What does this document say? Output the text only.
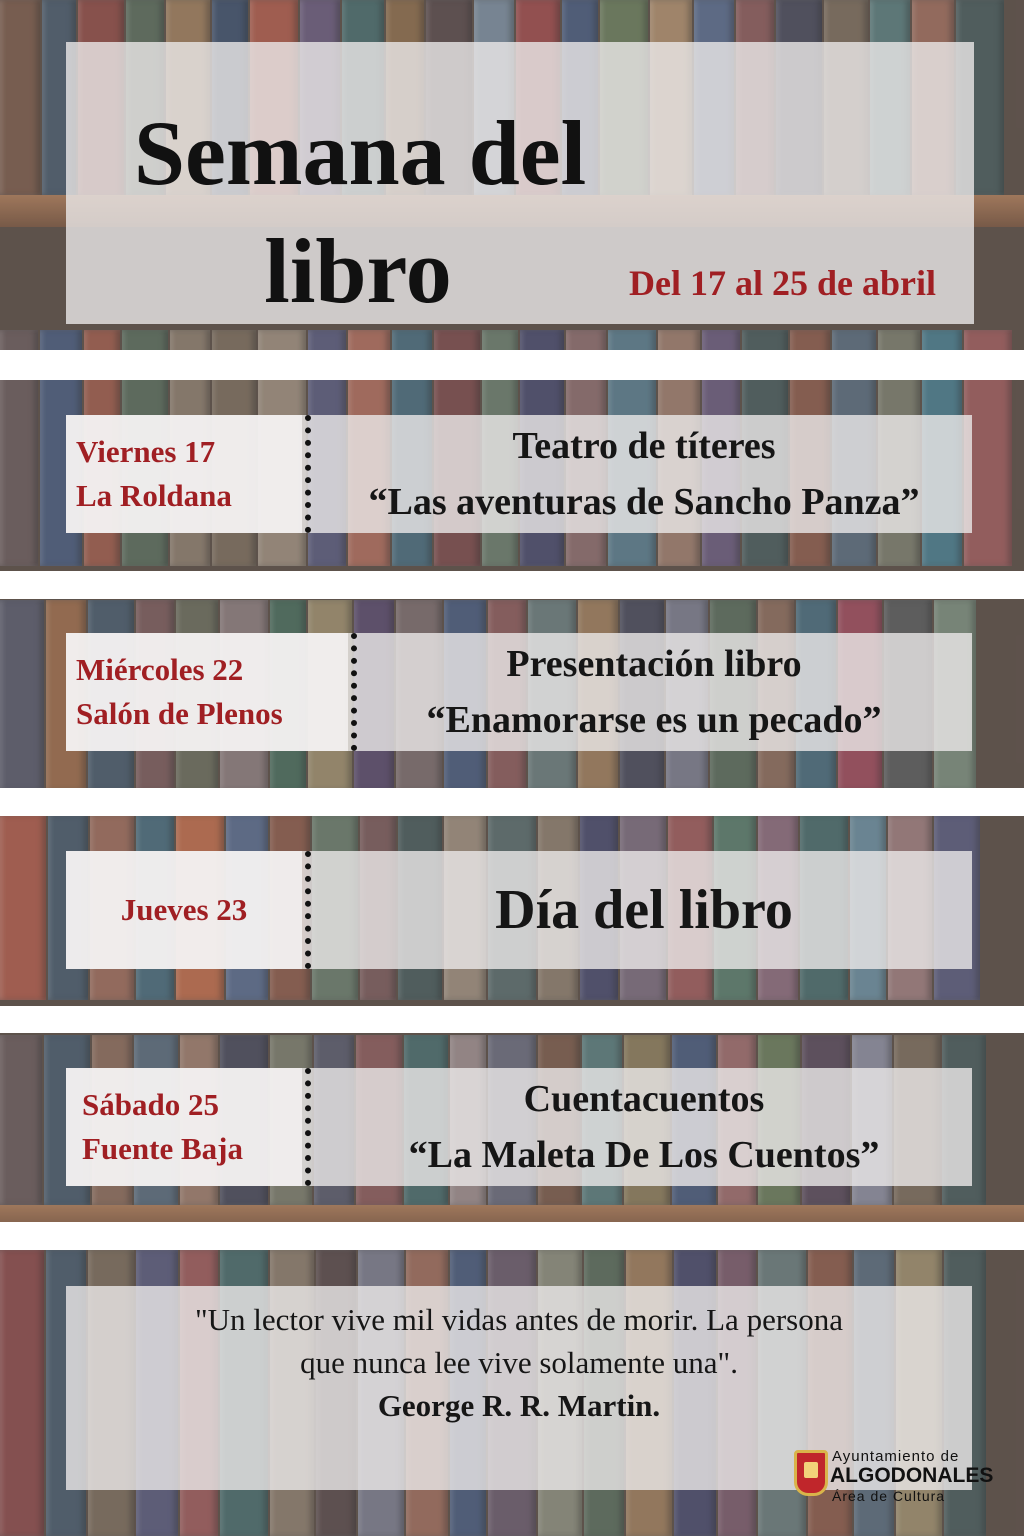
Semana del
libro	Del 17 al 25 de abril
Viernes 17
La Roldana
Teatro de títeres
“Las aventuras de Sancho Panza”
Miércoles 22
Salón de Plenos
Presentación libro
“Enamorarse es un pecado”
Jueves 23	Día del libro
Sábado 25
Fuente Baja
Cuentacuentos
“La Maleta De Los Cuentos”
"Un lector vive mil vidas antes de morir. La persona
que nunca lee vive solamente una".
George R. R. Martin.
Ayuntamiento de
ALGODONALES
Área de Cultura
